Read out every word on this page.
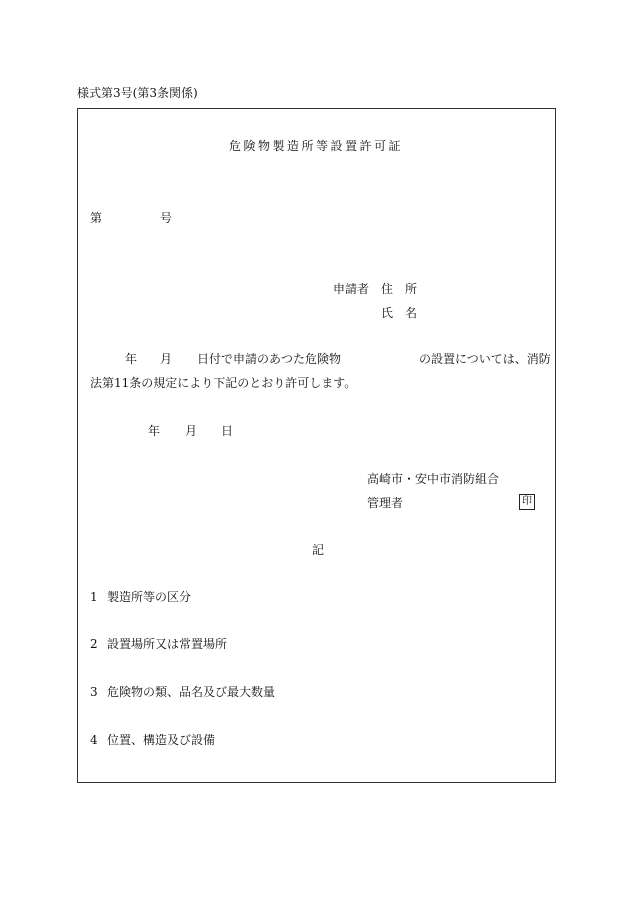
様式第3号(第3条関係)
危険物製造所等設置許可証
第	号
申請者 住　所
氏　名
年 月 日付で申請のあつた危険物	の設置については、消防
法第11条の規定により下記のとおり許可します。
年 月 日
高崎市・安中市消防組合
管理者	印
記
1 製造所等の区分
2 設置場所又は常置場所
3 危険物の類、品名及び最大数量
4 位置、構造及び設備
